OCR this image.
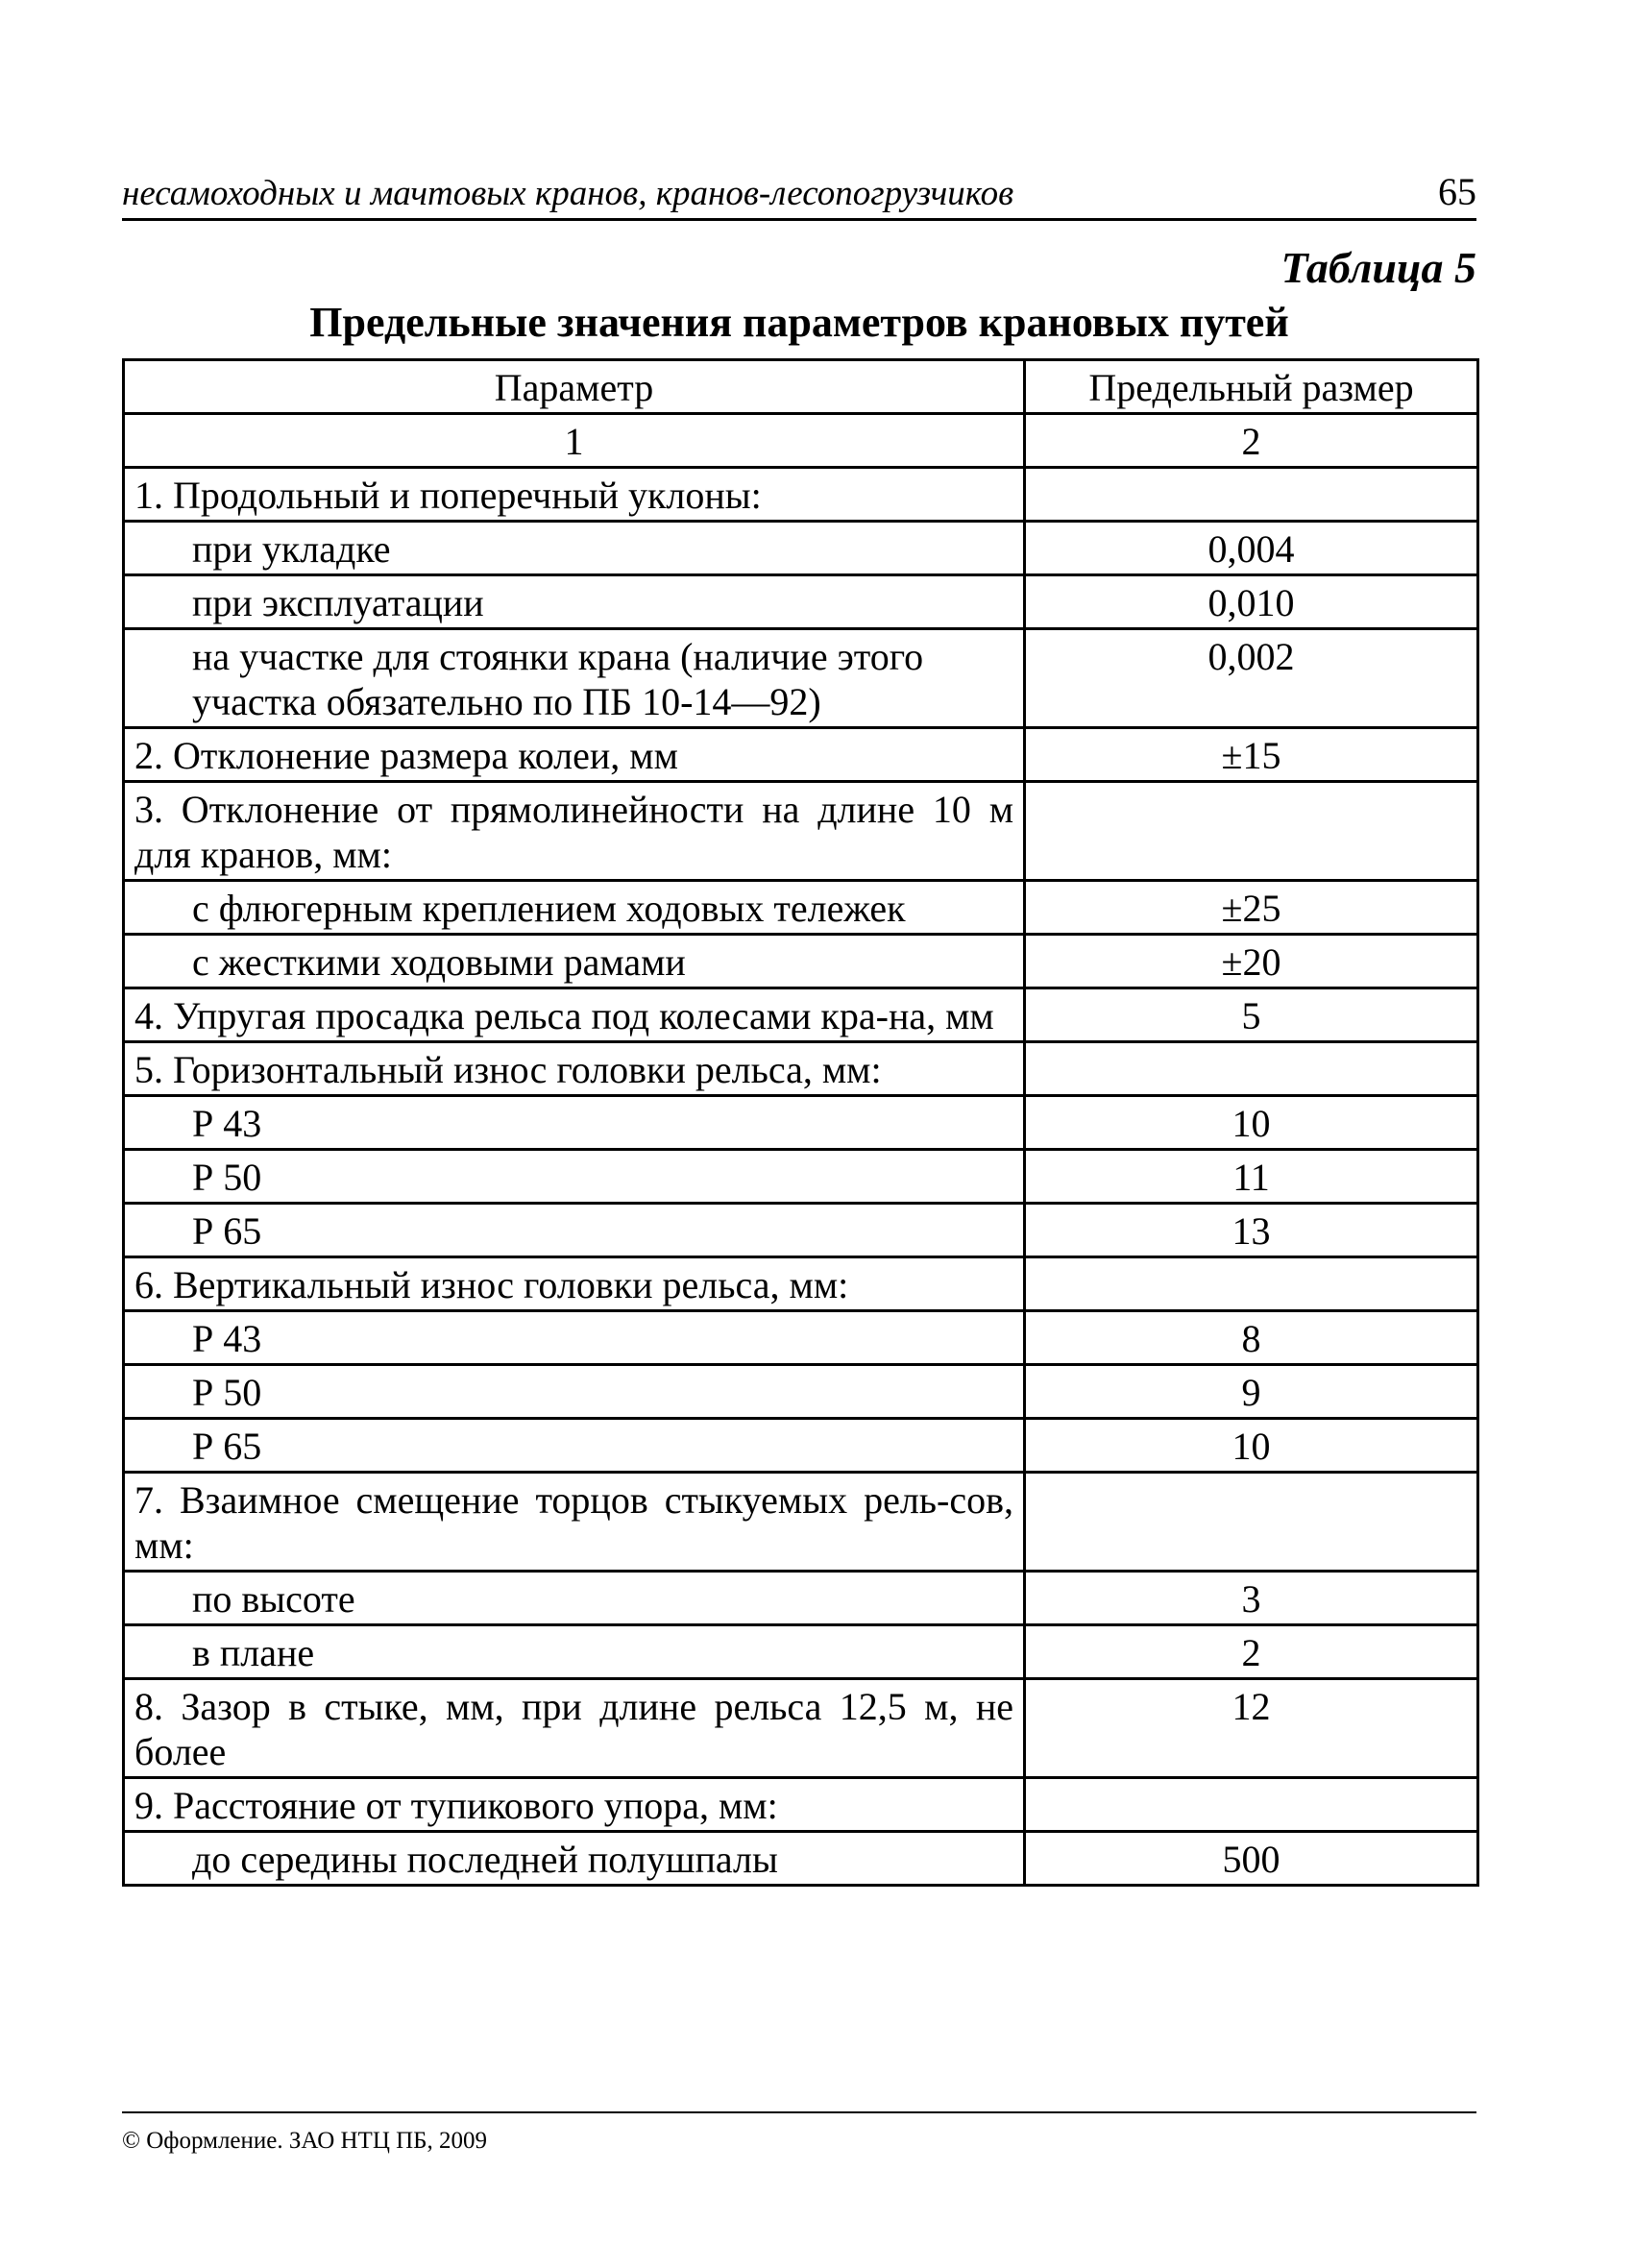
несамоходных и мачтовых кранов, кранов-лесопогрузчиков	65
Таблица 5
Предельные значения параметров крановых путей
Параметр	Предельный размер
1	2
1. Продольный и поперечный уклоны:	
при укладке	0,004
при эксплуатации	0,010
на участке для стоянки крана (наличие этого участка обязательно по ПБ 10-14—92)	0,002
2. Отклонение размера колеи, мм	±15
3. Отклонение от прямолинейности на длине 10 м для кранов, мм:	
с флюгерным креплением ходовых тележек	±25
с жесткими ходовыми рамами	±20
4. Упругая просадка рельса под колесами кра-на, мм	5
5. Горизонтальный износ головки рельса, мм:	
Р 43	10
Р 50	11
Р 65	13
6. Вертикальный износ головки рельса, мм:	
Р 43	8
Р 50	9
Р 65	10
7. Взаимное смещение торцов стыкуемых рель-сов, мм:	
по высоте	3
в плане	2
8. Зазор в стыке, мм, при длине рельса 12,5 м, не более	12
9. Расстояние от тупикового упора, мм:	
до середины последней полушпалы	500
© Оформление. ЗАО НТЦ ПБ, 2009
